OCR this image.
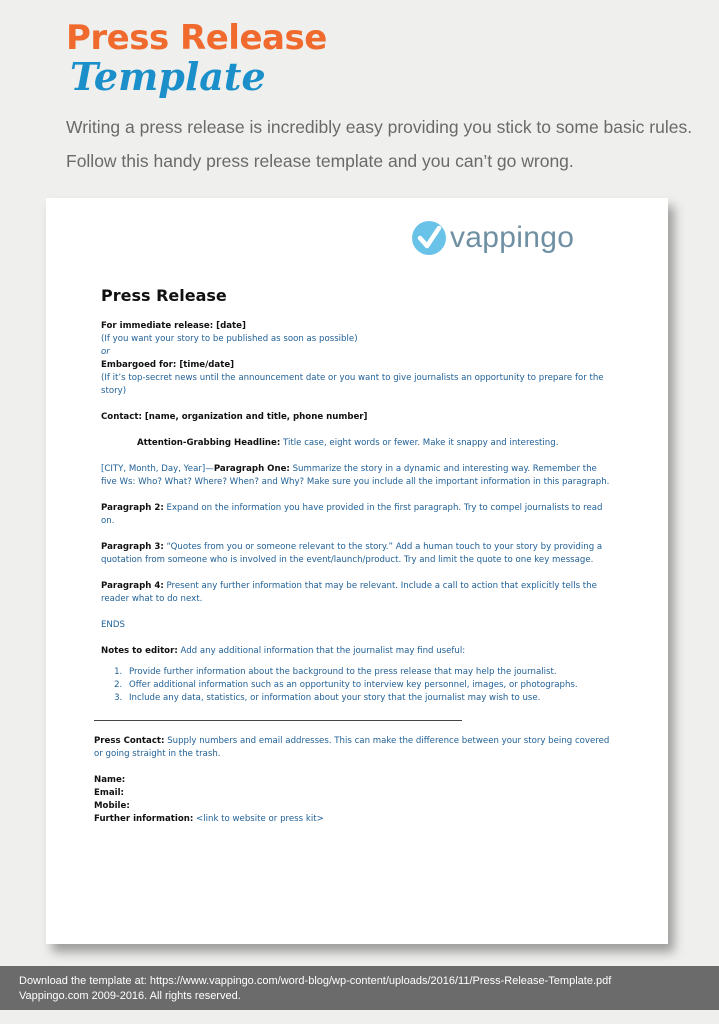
Press Release
Template
Writing a press release is incredibly easy providing you stick to some basic rules.
Follow this handy press release template and you can’t go wrong.
vappingo
Press Release
For immediate release: [date]
(If you want your story to be published as soon as possible)
or
Embargoed for: [time/date]
(If it’s top-secret news until the announcement date or you want to give journalists an opportunity to prepare for the story)
Contact: [name, organization and title, phone number]
Attention-Grabbing Headline: Title case, eight words or fewer. Make it snappy and interesting.
[CITY, Month, Day, Year]—Paragraph One: Summarize the story in a dynamic and interesting way. Remember the five Ws: Who? What? Where? When? and Why? Make sure you include all the important information in this paragraph.
Paragraph 2: Expand on the information you have provided in the first paragraph. Try to compel journalists to read on.
Paragraph 3: “Quotes from you or someone relevant to the story.” Add a human touch to your story by providing a quotation from someone who is involved in the event/launch/product. Try and limit the quote to one key message.
Paragraph 4: Present any further information that may be relevant. Include a call to action that explicitly tells the reader what to do next.
ENDS
Notes to editor: Add any additional information that the journalist may find useful:
1. Provide further information about the background to the press release that may help the journalist.
2. Offer additional information such as an opportunity to interview key personnel, images, or photographs.
3. Include any data, statistics, or information about your story that the journalist may wish to use.
Press Contact: Supply numbers and email addresses. This can make the difference between your story being covered or going straight in the trash.
Name:
Email:
Mobile:
Further information: <link to website or press kit>
Download the template at: https://www.vappingo.com/word-blog/wp-content/uploads/2016/11/Press-Release-Template.pdf
Vappingo.com 2009-2016. All rights reserved.
